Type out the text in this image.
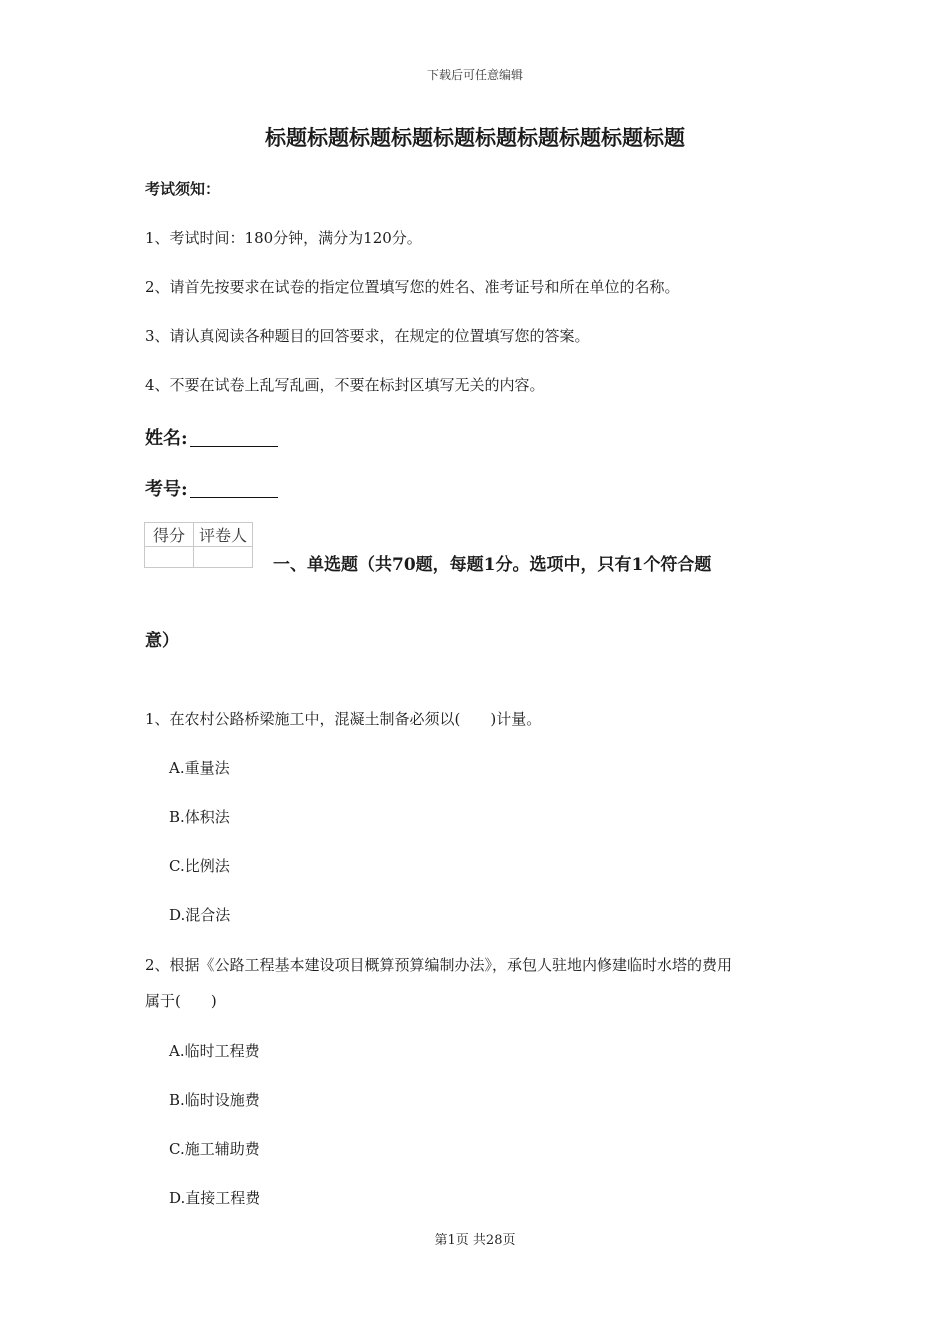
下载后可任意编辑
标题标题标题标题标题标题标题标题标题标题
考试须知：
1、考试时间：180分钟，满分为120分。
2、请首先按要求在试卷的指定位置填写您的姓名、准考证号和所在单位的名称。
3、请认真阅读各种题目的回答要求，在规定的位置填写您的答案。
4、不要在试卷上乱写乱画，不要在标封区填写无关的内容。
姓名:
考号:
得分	评卷人

一、单选题（共70题，每题1分。选项中，只有1个符合题
意）
1、在农村公路桥梁施工中，混凝土制备必须以(　　)计量。
A.重量法
B.体积法
C.比例法
D.混合法
2、根据《公路工程基本建设项目概算预算编制办法》，承包人驻地内修建临时水塔的费用
属于(　　)
A.临时工程费
B.临时设施费
C.施工辅助费
D.直接工程费
第1页 共28页
